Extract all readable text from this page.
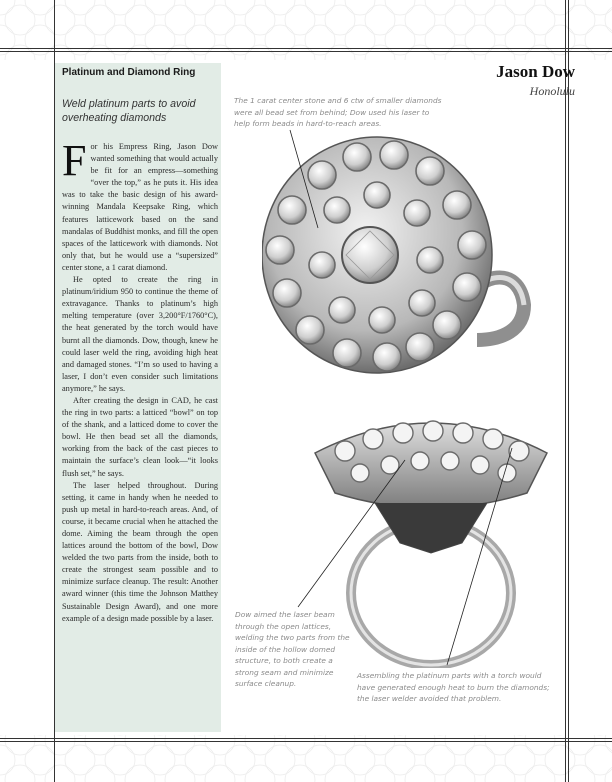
Platinum and Diamond Ring
Weld platinum parts to avoid overheating diamonds

For his Empress Ring, Jason Dow wanted something that would actually be fit for an empress—something “over the top,” as he puts it. His idea was to take the basic design of his award-winning Mandala Keepsake Ring, which features latticework based on the sand mandalas of Buddhist monks, and fill the open spaces of the latticework with diamonds. Not only that, but he would use a “supersized” center stone, a 1 carat diamond.

He opted to create the ring in platinum/iridium 950 to continue the theme of extravagance. Thanks to platinum’s high melting temperature (over 3,200°F/1760°C), the heat generated by the torch would have burnt all the diamonds. Dow, though, knew he could laser weld the ring, avoiding high heat and damaged stones. “I’m so used to having a laser, I don’t even consider such limitations anymore,” he says.

After creating the design in CAD, he cast the ring in two parts: a latticed “bowl” on top of the shank, and a latticed dome to cover the bowl. He then bead set all the diamonds, working from the back of the cast pieces to maintain the surface’s clean look—“it looks flush set,” he says.

The laser helped throughout. During setting, it came in handy when he needed to push up metal in hard-to-reach areas. And, of course, it became crucial when he attached the dome. Aiming the beam through the open lattices around the bottom of the bowl, Dow welded the two parts from the inside, both to create the strongest seam possible and to minimize surface cleanup. The result: Another award winner (this time the Johnson Matthey Sustainable Design Award), and one more example of a design made possible by a laser.

Jason Dow
Honolulu
The 1 carat center stone and 6 ctw of smaller diamonds were all bead set from behind; Dow used his laser to help form beads in hard-to-reach areas.
Dow aimed the laser beam through the open lattices, welding the two parts from the inside of the hollow domed structure, to both create a strong seam and minimize surface cleanup.
Assembling the platinum parts with a torch would have generated enough heat to burn the diamonds; the laser welder avoided that problem.
